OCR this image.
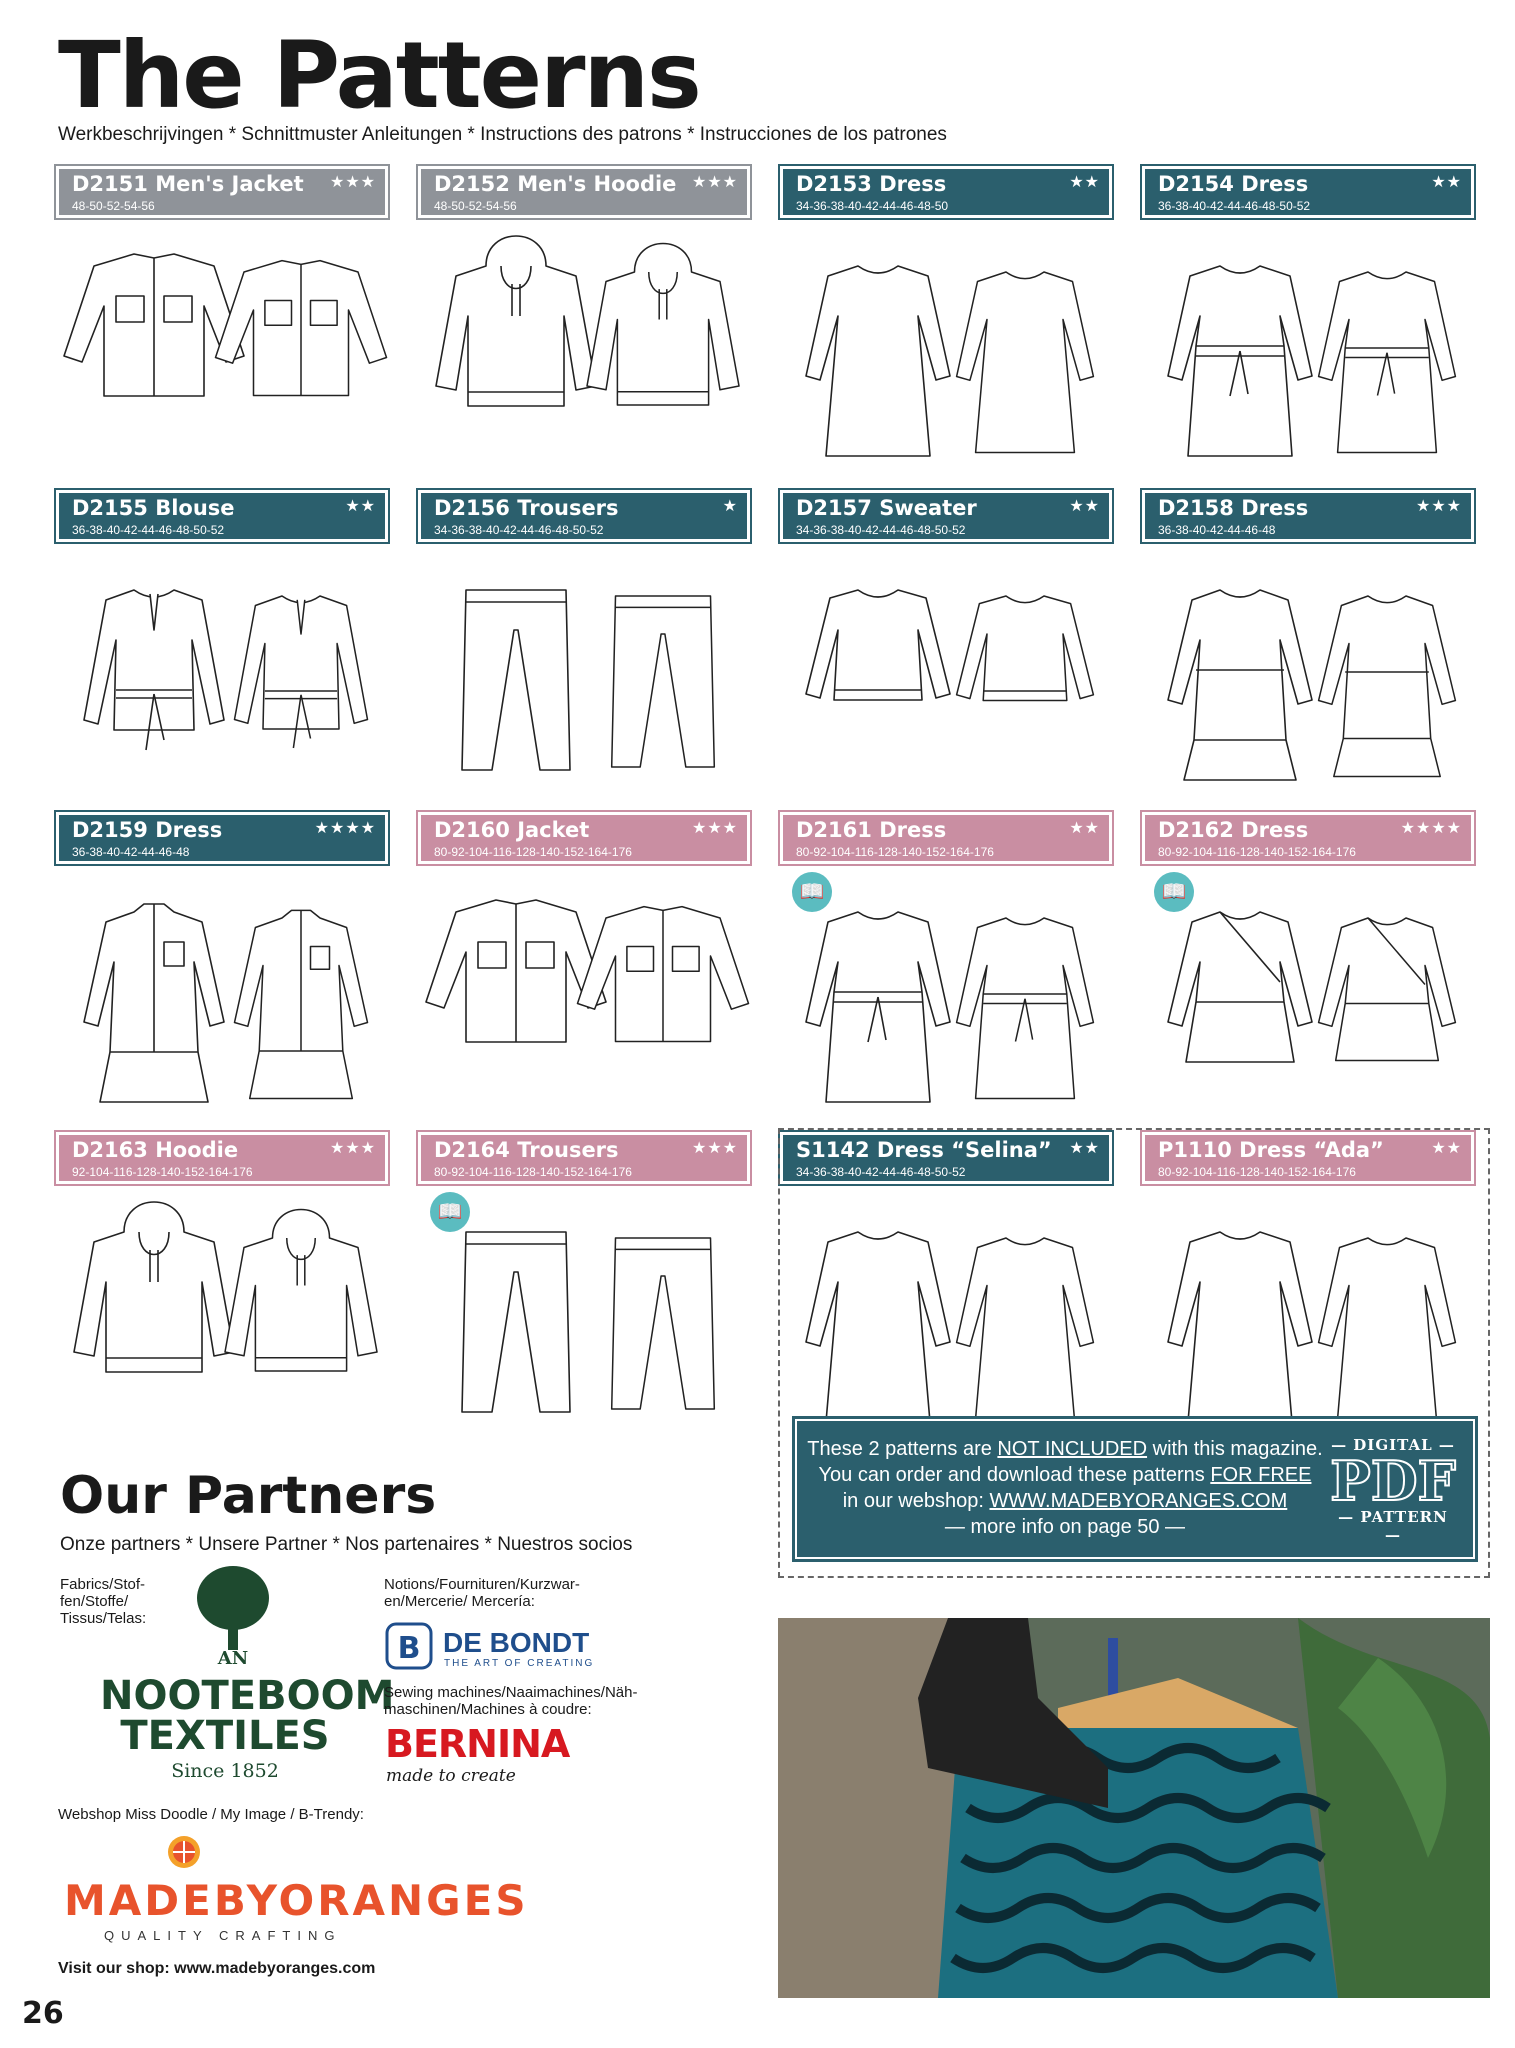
The Patterns
Werkbeschrijvingen * Schnittmuster Anleitungen * Instructions des patrons * Instrucciones de los patrones
D2151 Men's Jacket
48-50-52-54-56
★★★	D2152 Men's Hoodie
48-50-52-54-56
★★★	D2153 Dress
34-36-38-40-42-44-46-48-50
★★	D2154 Dress
36-38-40-42-44-46-48-50-52
★★
D2155 Blouse
36-38-40-42-44-46-48-50-52
★★	D2156 Trousers
34-36-38-40-42-44-46-48-50-52
★	D2157 Sweater
34-36-38-40-42-44-46-48-50-52
★★	D2158 Dress
36-38-40-42-44-46-48
★★★
D2159 Dress
36-38-40-42-44-46-48
★★★★	D2160 Jacket
80-92-104-116-128-140-152-164-176
★★★	D2161 Dress
80-92-104-116-128-140-152-164-176
★★
📖
D2162 Dress
80-92-104-116-128-140-152-164-176
★★★★
📖
D2163 Hoodie
92-104-116-128-140-152-164-176
★★★	D2164 Trousers
80-92-104-116-128-140-152-164-176
★★★
📖
S1142 Dress “Selina”
34-36-38-40-42-44-46-48-50-52
★★	P1110 Dress “Ada”
80-92-104-116-128-140-152-164-176
★★
These 2 patterns are NOT INCLUDED with this magazine.
You can order and download these patterns FOR FREE
in our webshop: WWW.MADEBYORANGES.COM
— more info on page 50 —
— DIGITAL —
PDF
— PATTERN —
Our Partners
Onze partners * Unsere Partner * Nos partenaires * Nuestros socios
Fabrics/Stof-
fen/Stoffe/
Tissus/Telas:
AN
NOOTEBOOM
TEXTILES
Since 1852
Notions/Fournituren/Kurzwar-
en/Mercerie/ Mercería:
B DE BONDT
THE ART OF CREATING
Sewing machines/Naaimachines/Näh-
maschinen/Machines à coudre:
BERNINA
made to create
Webshop Miss Doodle / My Image / B-Trendy:
MADEBYORANGES
QUALITY CRAFTING
Visit our shop: www.madebyoranges.com
26
